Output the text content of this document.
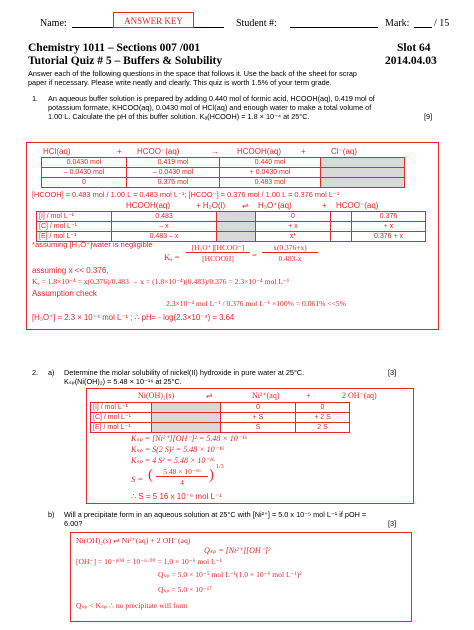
Name:	ANSWER KEY	Student #:	Mark: / 15
Chemistry 1011 – Sections 007 /001	Slot 64
Tutorial Quiz # 5 – Buffers & Solubility	2014.04.03
Answer each of the following questions in the space that follows it. Use the back of the sheet for scrap
paper if necessary. Please write neatly and clearly. This quiz is worth 1.5% of your term grade.
1. An aqueous buffer solution is prepared by adding 0.440 mol of formic acid, HCOOH(aq), 0.419 mol of
potassium formate, KHCOO(aq), 0.0430 mol of HCl(aq) and enough water to make a total volume of
1.00 L. Calculate the pH of this buffer solution. Kₐ(HCOOH) = 1.8 × 10⁻⁴ at 25°C.	[9]
HCl(aq)	+ HCOO⁻(aq)	→ HCOOH(aq) +	Cl⁻(aq)
0.0430 mol	0.419 mol	0.440 mol	
– 0.0430 mol	– 0.0430 mol	+ 0.0430 mol	
0	0.376 mol	0.483 mol	
[HCOOH] = 0.483 mol / 1.00 L = 0.483 mol L⁻¹; [HCOO⁻] = 0.376 mol / 1.00 L = 0.376 mol L⁻¹
HCOOH(aq)	+ H₂O(l) ⇌ H₃O⁺(aq)	+ HCOO⁻(aq)
[I] / mol L⁻¹	0.483		0		0.376
[C] / mol L⁻¹	– x		+ x		+ x
[E] / mol L⁻¹	0.483 – x		x*		0.376 + x
*assuming [H₃O⁺]water is negligible
Kₐ =
[H₃O⁺][HCOO⁻]
[HCOOH]	=
x(0.376+x)
0.483-x
assuming x << 0.376,
Kₐ = 1.8×10⁻⁴ = x(0.376)/0.483 → x = (1.8×10⁻⁴)(0.483)/0.376 = 2.3×10⁻⁴ mol L⁻¹
Assumption check
2.3×10⁻⁴ mol L⁻¹ / 0.376 mol L⁻¹ ×100% = 0.061% <<5%
[H₃O⁺] = 2.3 × 10⁻⁴ mol L⁻¹ ; ∴ pH= - log(2.3×10⁻⁴) = 3.64
2. a) Determine the molar solubility of nickel(II) hydroxide in pure water at 25°C.
Kₛₚ(Ni(OH)₂) = 5.48 × 10⁻¹⁶ at 25°C.
[3]
Ni(OH)₂(s)	⇌	Ni²⁺(aq)	+	2 OH⁻(aq)
[I] / mol L⁻¹		0	0
[C] / mol L⁻¹		+ S	+ 2 S
[E] / mol L⁻¹		S	2 S
Kₛₚ = [Ni²⁺][OH⁻]² = 5.48 × 10⁻¹⁶
Kₛₚ = S(2 S)² = 5.48 × 10⁻¹⁶
Kₛₚ = 4 S³ = 5.48 × 10⁻¹⁶
S = (	5.48 × 10⁻¹⁶
4	) 1/3
∴ S = 5 16 x 10⁻⁶ mol L⁻¹
b) Will a precipitate form in an aqueous solution at 25°C with [Ni²⁺] = 5.0 x 10⁻⁵ mol L⁻¹ if pOH =
6.00?	[3]
Ni(OH)₂(s) ⇌ Ni²⁺(aq) + 2 OH⁻(aq)
Qₛₚ = [Ni²⁺][OH⁻]²
[OH⁻] = 10⁻ᵖᴼᴴ = 10⁻⁶·⁰⁰ = 1.0 × 10⁻⁶ mol L⁻¹
Qₛₚ = 5.0 × 10⁻⁵ mol L⁻¹(1.0 × 10⁻⁶ mol L⁻¹)²
Qₛₚ = 5.0 × 10⁻¹⁷
Qₛₚ < Kₛₚ ∴ no precipitate will form
